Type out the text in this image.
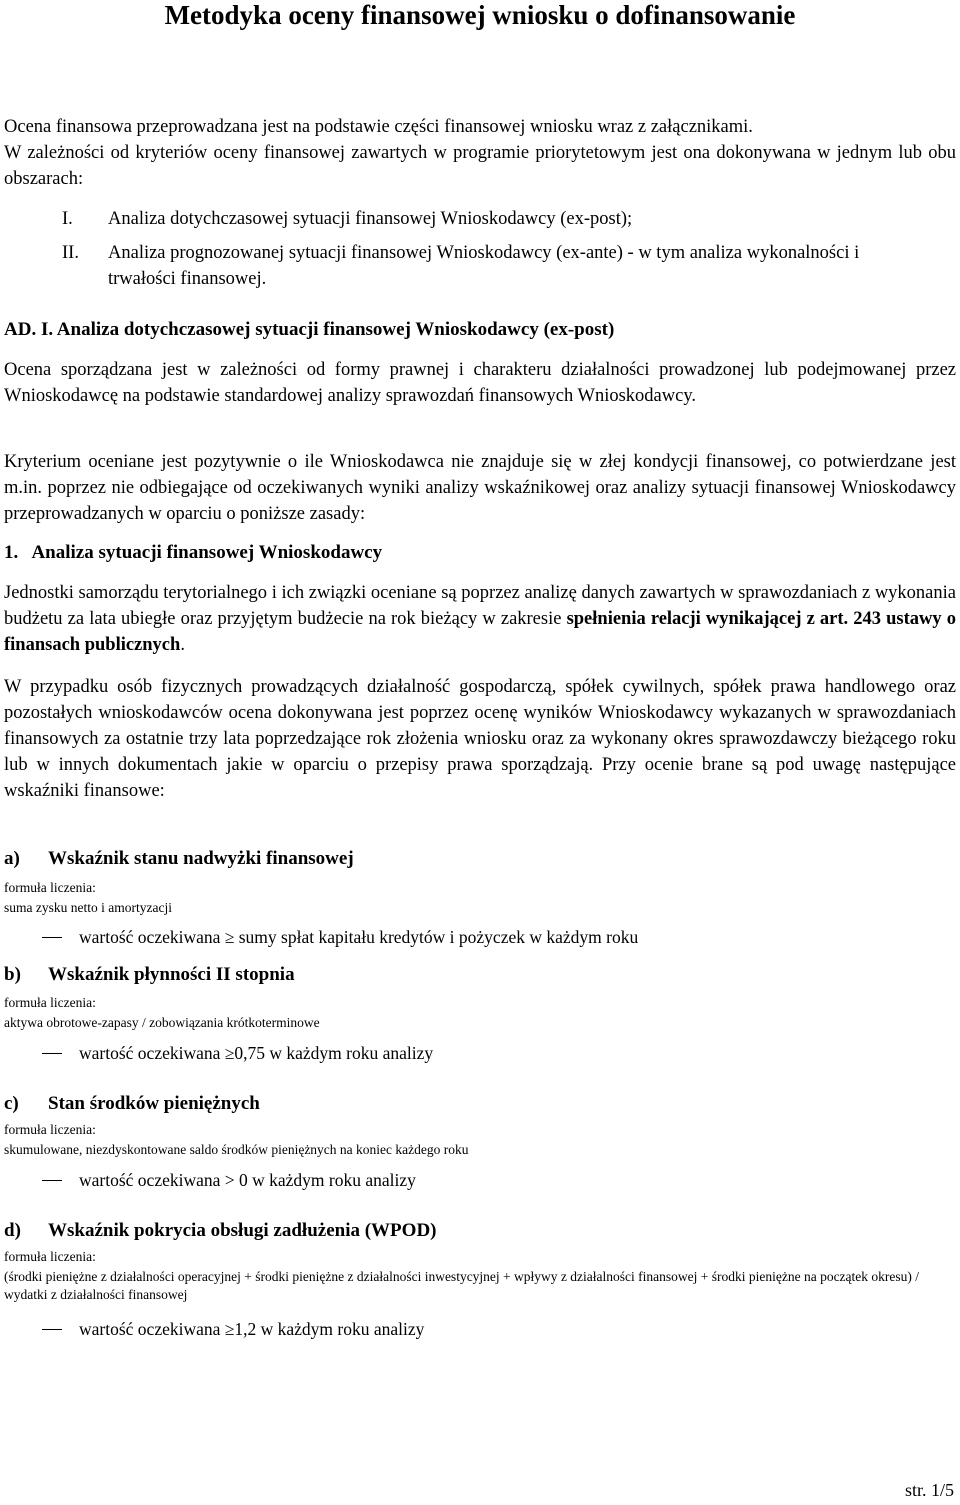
Metodyka oceny finansowej wniosku o dofinansowanie

Ocena finansowa przeprowadzana jest na podstawie części finansowej wniosku wraz z załącznikami.

W zależności od kryteriów oceny finansowej zawartych w programie priorytetowym jest ona dokonywana w jednym lub obu obszarach:

I. Analiza dotychczasowej sytuacji finansowej Wnioskodawcy (ex-post);
II. Analiza prognozowanej sytuacji finansowej Wnioskodawcy (ex-ante) - w tym analiza wykonalności i trwałości finansowej.
AD. I. Analiza dotychczasowej sytuacji finansowej Wnioskodawcy (ex-post)

Ocena sporządzana jest w zależności od formy prawnej i charakteru działalności prowadzonej lub podejmowanej przez Wnioskodawcę na podstawie standardowej analizy sprawozdań finansowych Wnioskodawcy.

Kryterium oceniane jest pozytywnie o ile Wnioskodawca nie znajduje się w złej kondycji finansowej, co potwierdzane jest m.in. poprzez nie odbiegające od oczekiwanych wyniki analizy wskaźnikowej oraz analizy sytuacji finansowej Wnioskodawcy przeprowadzanych w oparciu o poniższe zasady:

1.   Analiza sytuacji finansowej Wnioskodawcy

Jednostki samorządu terytorialnego i ich związki oceniane są poprzez analizę danych zawartych w sprawozdaniach z wykonania budżetu za lata ubiegłe oraz przyjętym budżecie na rok bieżący w zakresie spełnienia relacji wynikającej z art. 243 ustawy o finansach publicznych.

W przypadku osób fizycznych prowadzących działalność gospodarczą, spółek cywilnych, spółek prawa handlowego oraz pozostałych wnioskodawców ocena dokonywana jest poprzez ocenę wyników Wnioskodawcy wykazanych w sprawozdaniach finansowych za ostatnie trzy lata poprzedzające rok złożenia wniosku oraz za wykonany okres sprawozdawczy bieżącego roku lub w innych dokumentach jakie w oparciu o przepisy prawa sporządzają. Przy ocenie brane są pod uwagę następujące wskaźniki finansowe:

a) Wskaźnik stanu nadwyżki finansowej
formuła liczenia:
suma zysku netto i amortyzacji
wartość oczekiwana ≥ sumy spłat kapitału kredytów i pożyczek w każdym roku
b) Wskaźnik płynności II stopnia
formuła liczenia:
aktywa obrotowe-zapasy / zobowiązania krótkoterminowe
wartość oczekiwana ≥0,75 w każdym roku analizy
c) Stan środków pieniężnych
formuła liczenia:
skumulowane, niezdyskontowane saldo środków pieniężnych na koniec każdego roku
wartość oczekiwana > 0 w każdym roku analizy
d) Wskaźnik pokrycia obsługi zadłużenia (WPOD)
formuła liczenia:
(środki pieniężne z działalności operacyjnej + środki pieniężne z działalności inwestycyjnej + wpływy z działalności finansowej + środki pieniężne na początek okresu) / wydatki z działalności finansowej
wartość oczekiwana ≥1,2 w każdym roku analizy
str. 1/5
